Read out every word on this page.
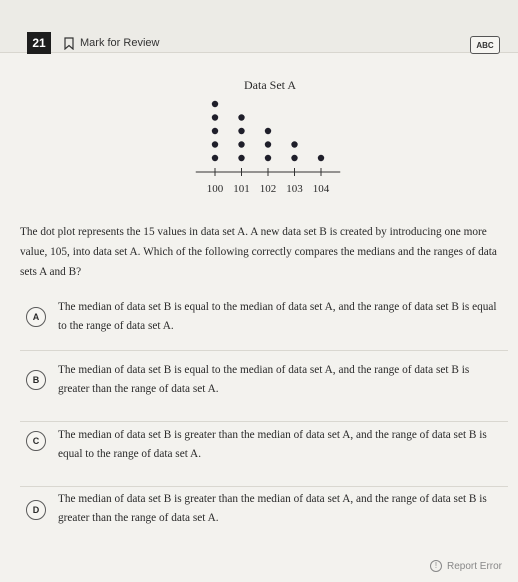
21	Mark for Review	ABC
Data Set A
100 101 102 103 104
The dot plot represents the 15 values in data set A. A new data set B is created by introducing one more value, 105, into data set A. Which of the following correctly compares the medians and the ranges of data sets A and B?
A
The median of data set B is equal to the median of data set A, and the range of data set B is equal to the range of data set A.
B
The median of data set B is equal to the median of data set A, and the range of data set B is greater than the range of data set A.
C	The median of data set B is greater than the median of data set A, and the range of data set B is equal to the range of data set A.
D
The median of data set B is greater than the median of data set A, and the range of data set B is greater than the range of data set A.
! Report Error
